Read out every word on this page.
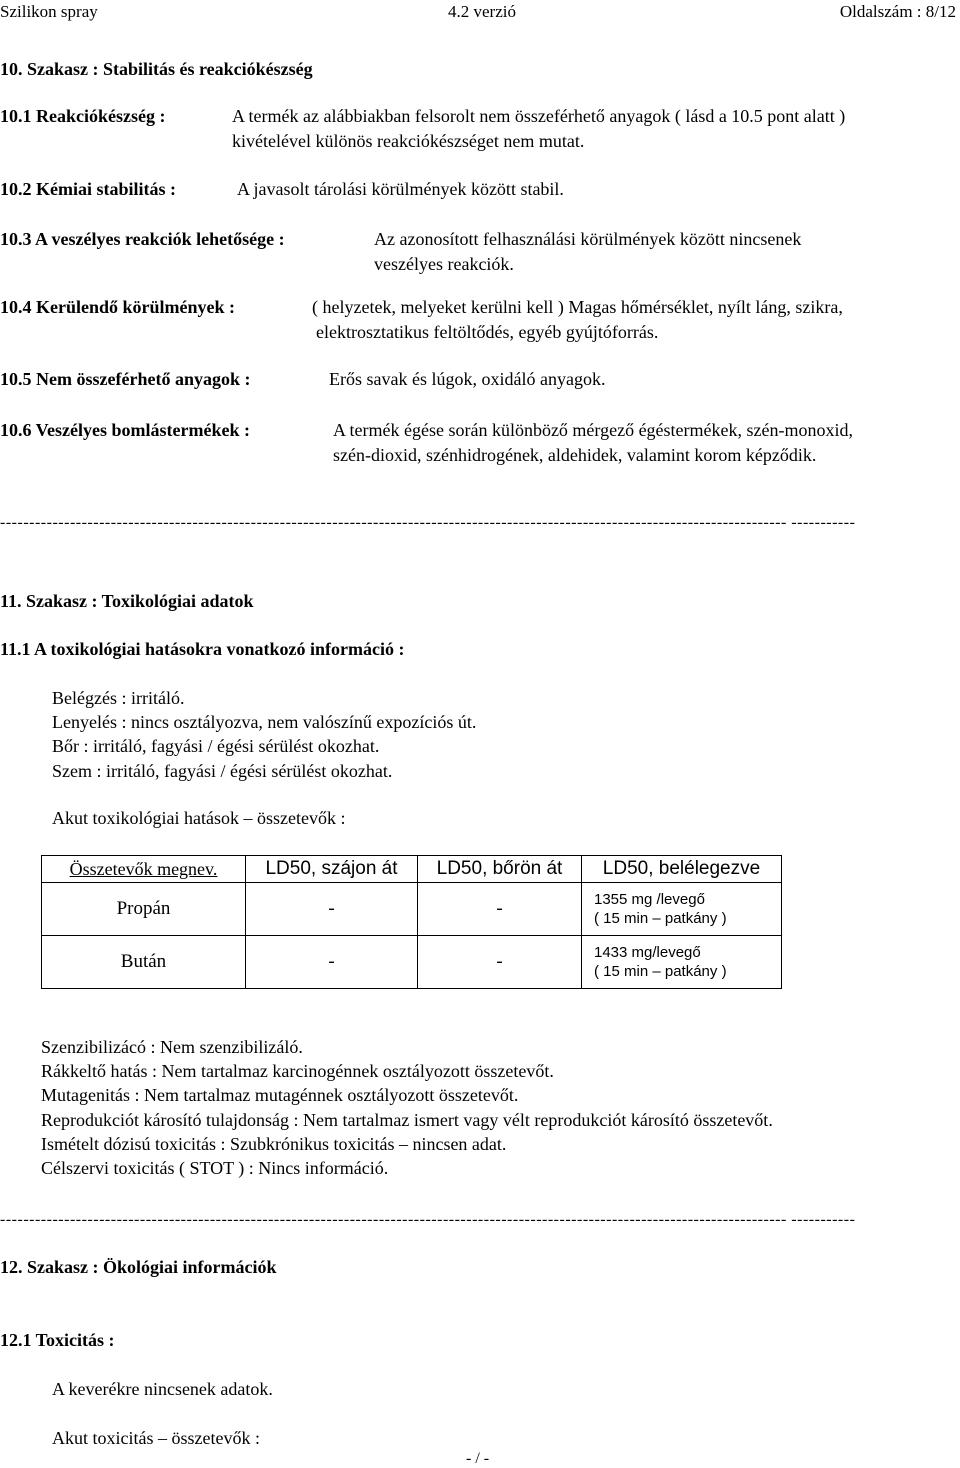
Szilikon spray	4.2 verzió	Oldalszám : 8/12
10. Szakasz : Stabilitás és reakciókészség
10.1 Reakciókészség :	A termék az alábbiakban felsorolt nem összeférhető anyagok ( lásd a 10.5 pont alatt )
kivételével különös reakciókészséget nem mutat.
10.2 Kémiai stabilitás :	A javasolt tárolási körülmények között stabil.
10.3 A veszélyes reakciók lehetősége :	Az azonosított felhasználási körülmények között nincsenek
veszélyes reakciók.
10.4 Kerülendő körülmények :	( helyzetek, melyeket kerülni kell ) Magas hőmérséklet, nyílt láng, szikra,
elektrosztatikus feltöltődés, egyéb gyújtóforrás.
10.5 Nem összeférhető anyagok :	Erős savak és lúgok, oxidáló anyagok.
10.6 Veszélyes bomlástermékek :	A termék égése során különböző mérgező égéstermékek, szén-monoxid,
szén-dioxid, szénhidrogének, aldehidek, valamint korom képződik.
--------------------------------------------------------------------------------------------------------------------------------------- -----------
11. Szakasz : Toxikológiai adatok
11.1 A toxikológiai hatásokra vonatkozó információ :
Belégzés : irritáló.
Lenyelés : nincs osztályozva, nem valószínű expozíciós út.
Bőr : irritáló, fagyási / égési sérülést okozhat.
Szem : irritáló, fagyási / égési sérülést okozhat.
Akut toxikológiai hatások – összetevők :
Összetevők megnev.	LD50, szájon át	LD50, bőrön át	LD50, belélegezve
Propán	-	-	1355 mg /levegő
( 15 min – patkány )

Bután	-	-	1433 mg/levegő
( 15 min – patkány )
Szenzibilizácó : Nem szenzibilizáló.
Rákkeltő hatás : Nem tartalmaz karcinogénnek osztályozott összetevőt.
Mutagenitás : Nem tartalmaz mutagénnek osztályozott összetevőt.
Reprodukciót károsító tulajdonság : Nem tartalmaz ismert vagy vélt reprodukciót károsító összetevőt.
Ismételt dózisú toxicitás : Szubkrónikus toxicitás – nincsen adat.
Célszervi toxicitás ( STOT ) : Nincs információ.
--------------------------------------------------------------------------------------------------------------------------------------- -----------
12. Szakasz : Ökológiai információk
12.1 Toxicitás :
A keverékre nincsenek adatok.
Akut toxicitás – összetevők :
- / -
